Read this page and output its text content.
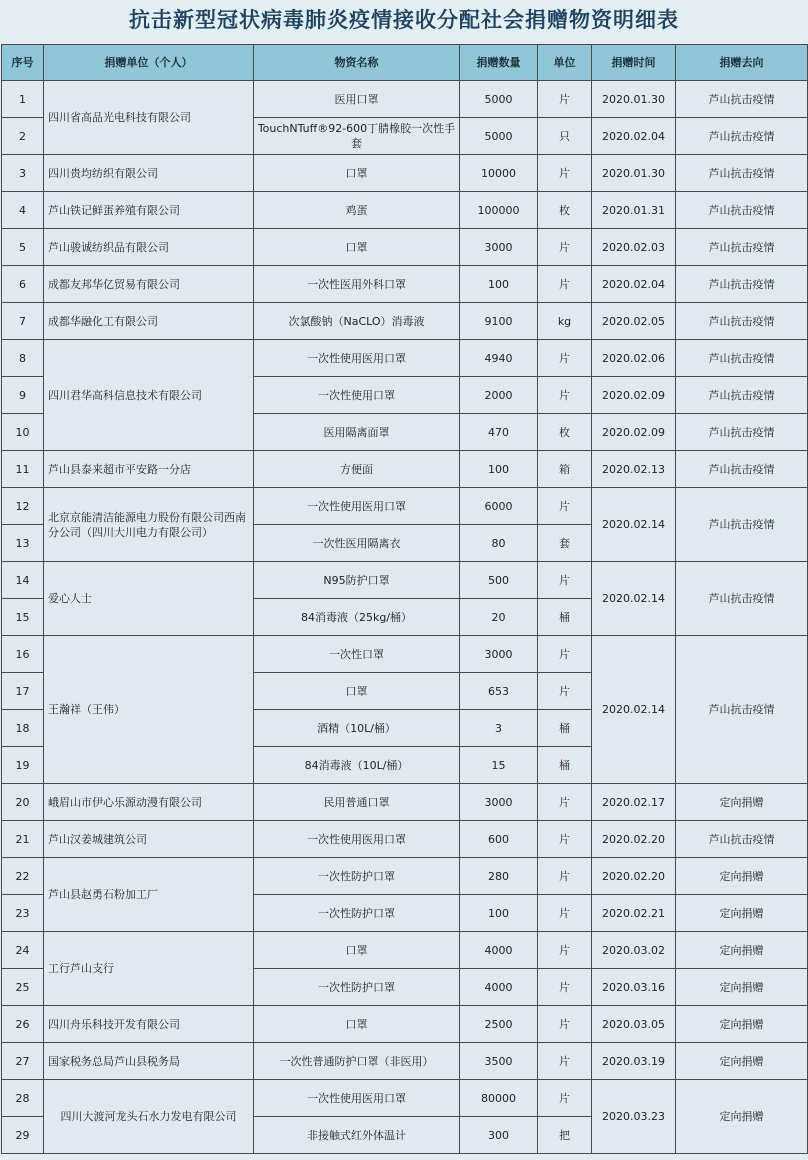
抗击新型冠状病毒肺炎疫情接收分配社会捐赠物资明细表
序号	捐赠单位（个人）	物资名称	捐赠数量	单位	捐赠时间	捐赠去向
1	四川省高品光电科技有限公司	医用口罩	5000	片	2020.01.30	芦山抗击疫情
2		TouchNTuff®92-600丁腈橡胶一次性手套	5000	只	2020.02.04	芦山抗击疫情
3	四川贵均纺织有限公司	口罩	10000	片	2020.01.30	芦山抗击疫情
4	芦山铁记鲜蛋养殖有限公司	鸡蛋	100000	枚	2020.01.31	芦山抗击疫情
5	芦山骏诚纺织品有限公司	口罩	3000	片	2020.02.03	芦山抗击疫情
6	成都友邦华亿贸易有限公司	一次性医用外科口罩	100	片	2020.02.04	芦山抗击疫情
7	成都华融化工有限公司	次氯酸钠（NaCLO）消毒液	9100	kg	2020.02.05	芦山抗击疫情
8	四川君华高科信息技术有限公司	一次性使用医用口罩	4940	片	2020.02.06	芦山抗击疫情
9		一次性使用口罩	2000	片	2020.02.09	芦山抗击疫情
10		医用隔离面罩	470	枚	2020.02.09	芦山抗击疫情
11	芦山县泰来超市平安路一分店	方便面	100	箱	2020.02.13	芦山抗击疫情
12	北京京能清洁能源电力股份有限公司西南分公司（四川大川电力有限公司）	一次性使用医用口罩	6000	片	2020.02.14	芦山抗击疫情
13		一次性医用隔离衣	80	套		
14	爱心人士	N95防护口罩	500	片	2020.02.14	芦山抗击疫情
15		84消毒液（25kg/桶）	20	桶		
16	王瀚祥（王伟）	一次性口罩	3000	片	2020.02.14	芦山抗击疫情
17		口罩	653	片		
18		酒精（10L/桶）	3	桶		
19		84消毒液（10L/桶）	15	桶		
20	峨眉山市伊心乐源动漫有限公司	民用普通口罩	3000	片	2020.02.17	定向捐赠
21	芦山汉姜城建筑公司	一次性使用医用口罩	600	片	2020.02.20	芦山抗击疫情
22	芦山县赵勇石粉加工厂	一次性防护口罩	280	片	2020.02.20	定向捐赠
23		一次性防护口罩	100	片	2020.02.21	定向捐赠
24	工行芦山支行	口罩	4000	片	2020.03.02	定向捐赠
25		一次性防护口罩	4000	片	2020.03.16	定向捐赠
26	四川舟乐科技开发有限公司	口罩	2500	片	2020.03.05	定向捐赠
27	国家税务总局芦山县税务局	一次性普通防护口罩（非医用）	3500	片	2020.03.19	定向捐赠
28	四川大渡河龙头石水力发电有限公司	一次性使用医用口罩	80000	片	2020.03.23	定向捐赠
29		非接触式红外体温计	300	把		
